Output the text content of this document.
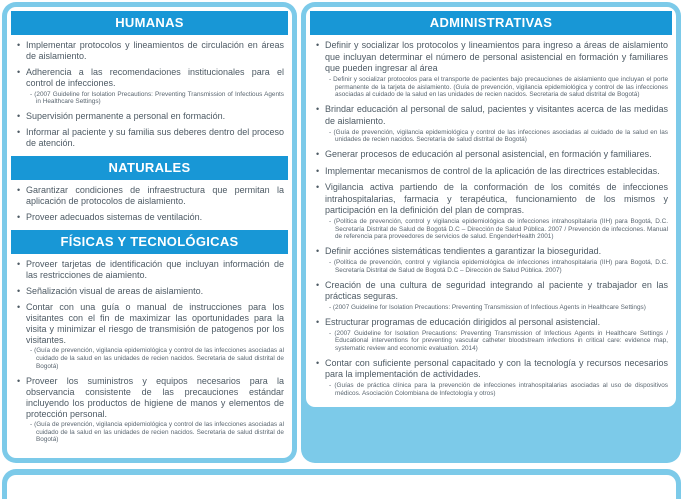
HUMANAS
• Implementar protocolos y lineamientos de circulación en áreas de aislamiento.

• Adherencia a las recomendaciones institucionales para el control de infecciones.

- (2007 Guideline for Isolation Precautions: Preventing Transmission of Infectious Agents in Healthcare Settings)

• Supervisión permanente a personal en formación.

• Informar al paciente y su familia sus deberes dentro del proceso de atención.

NATURALES
• Garantizar condiciones de infraestructura que permitan la aplicación de protocolos de aislamiento.

• Proveer adecuados sistemas de ventilación.

FÍSICAS Y TECNOLÓGICAS
• Proveer tarjetas de identificación que incluyan información de las restricciones de aiamiento.

• Señalización visual de areas de aislamiento.

• Contar con una guía o manual de instrucciones para los visitantes con el fin de maximizar las oportunidades para la visita y minimizar el riesgo de transmisión de patogenos por los visitantes.

- (Guía de prevención, vigilancia epidemiológica y control de las infecciones asociadas al cuidado de la salud en las unidades de recien nacidos. Secretaria de salud distrital de Bogotá)

• Proveer los suministros y equipos necesarios para la observancia consistente de las precauciones estándar incluyendo los productos de higiene de manos y elementos de protección personal.

- (Guía de prevención, vigilancia epidemiológica y control de las infecciones asociadas al cuidado de la salud en las unidades de recien nacidos. Secretaria de salud distrital de Bogotá)

ADMINISTRATIVAS
• Definir y socializar los protocolos y lineamientos para ingreso a áreas de aislamiento que incluyan determinar el número de personal asistencial en formación y familiares que pueden ingresar al área

- Definir y socializar protocolos para el transporte de pacientes bajo precauciones de aislamiento que incluyan el porte permanente de la tarjeta de aislamiento. (Guía de prevención, vigilancia epidemiológica y control de las infecciones asociadas al cuidado de la salud en las unidades de recien nacidos. Secretaria de salud distrital de Bogotá)

• Brindar educación al personal de salud, pacientes y visitantes acerca de las medidas de aislamiento.

- (Guía de prevención, vigilancia epidemiológica y control de las infecciones asociadas al cuidado de la salud en las unidades de recien nacidos. Secretaría de salud distrital de Bogotá)

• Generar procesos de educación al personal asistencial, en formación y familiares.

• Implementar mecanismos de control de la aplicación de las directrices establecidas.

• Vigilancia activa partiendo de la conformación de los comités de infecciones intrahospitalarias, farmacia y terapéutica, funcionamiento de los mismos y participación en la definición del plan de compras.

- (Política de prevención, control y vigilancia epidemiológica de infecciones intrahospitalaria (IIH) para Bogotá, D.C. Secretaría Distrital de Salud de Bogotá D.C – Dirección de Salud Pública. 2007 / Prevención de infecciones. Manual de referencia para proveedores de servicios de salud. EngenderHealth 2001)

• Definir acciónes sistemáticas tendientes a garantizar la bioseguridad.

- (Política de prevención, control y vigilancia epidemiológica de infecciones intrahospitalaria (IIH) para Bogotá, D.C. Secretaría Distrital de Salud de Bogotá D.C – Dirección de Salud Pública. 2007)

• Creación de una cultura de seguridad integrando al paciente y trabajador en las prácticas seguras.

- (2007 Guideline for Isolation Precautions: Preventing Transmission of Infectious Agents in Healthcare Settings)

• Estructurar programas de educación dirigidos al personal asistencial.

- (2007 Guideline for Isolation Precautions: Preventing Transmission of Infectious Agents in Healthcare Settings / Educational interventions for preventing vascular catheter bloodstream infections in critical care: evidence map, systematic review and economic evaluation. 2014)

• Contar con suficiente personal capacitado y con la tecnología y recursos necesarios para la implementación de actividades.

- (Guías de práctica clínica para la prevención de infecciones intrahospitalarias asociadas al uso de dispositivos médicos. Asociación Colombiana de Infectología y otros)
